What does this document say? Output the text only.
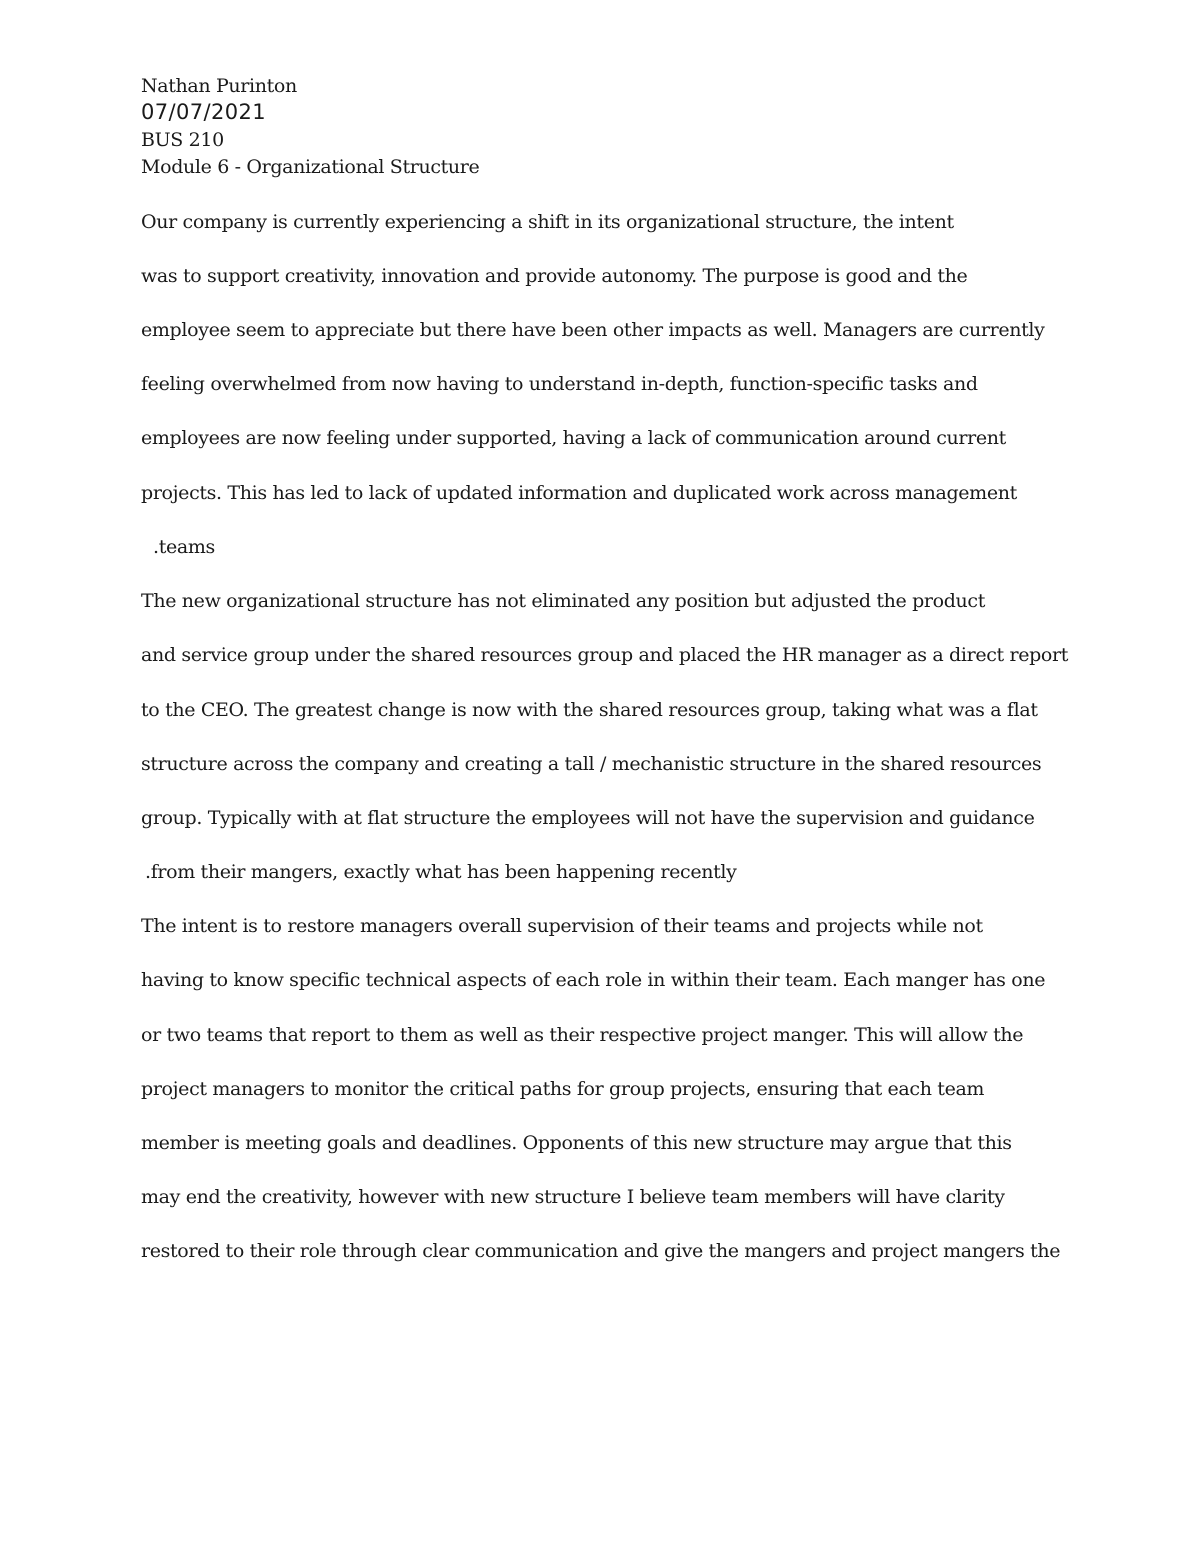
Nathan Purinton
07/07/2021
BUS 210
Module 6 - Organizational Structure
Our company is currently experiencing a shift in its organizational structure, the intent
was to support creativity, innovation and provide autonomy. The purpose is good and the
employee seem to appreciate but there have been other impacts as well. Managers are currently
feeling overwhelmed from now having to understand in-depth, function-specific tasks and
employees are now feeling under supported, having a lack of communication around current
projects. This has led to lack of updated information and duplicated work across management
.teams
The new organizational structure has not eliminated any position but adjusted the product
and service group under the shared resources group and placed the HR manager as a direct report
to the CEO. The greatest change is now with the shared resources group, taking what was a flat
structure across the company and creating a tall / mechanistic structure in the shared resources
group. Typically with at flat structure the employees will not have the supervision and guidance
.from their mangers, exactly what has been happening recently
The intent is to restore managers overall supervision of their teams and projects while not
having to know specific technical aspects of each role in within their team. Each manger has one
or two teams that report to them as well as their respective project manger. This will allow the
project managers to monitor the critical paths for group projects, ensuring that each team
member is meeting goals and deadlines. Opponents of this new structure may argue that this
may end the creativity, however with new structure I believe team members will have clarity
restored to their role through clear communication and give the mangers and project mangers the
